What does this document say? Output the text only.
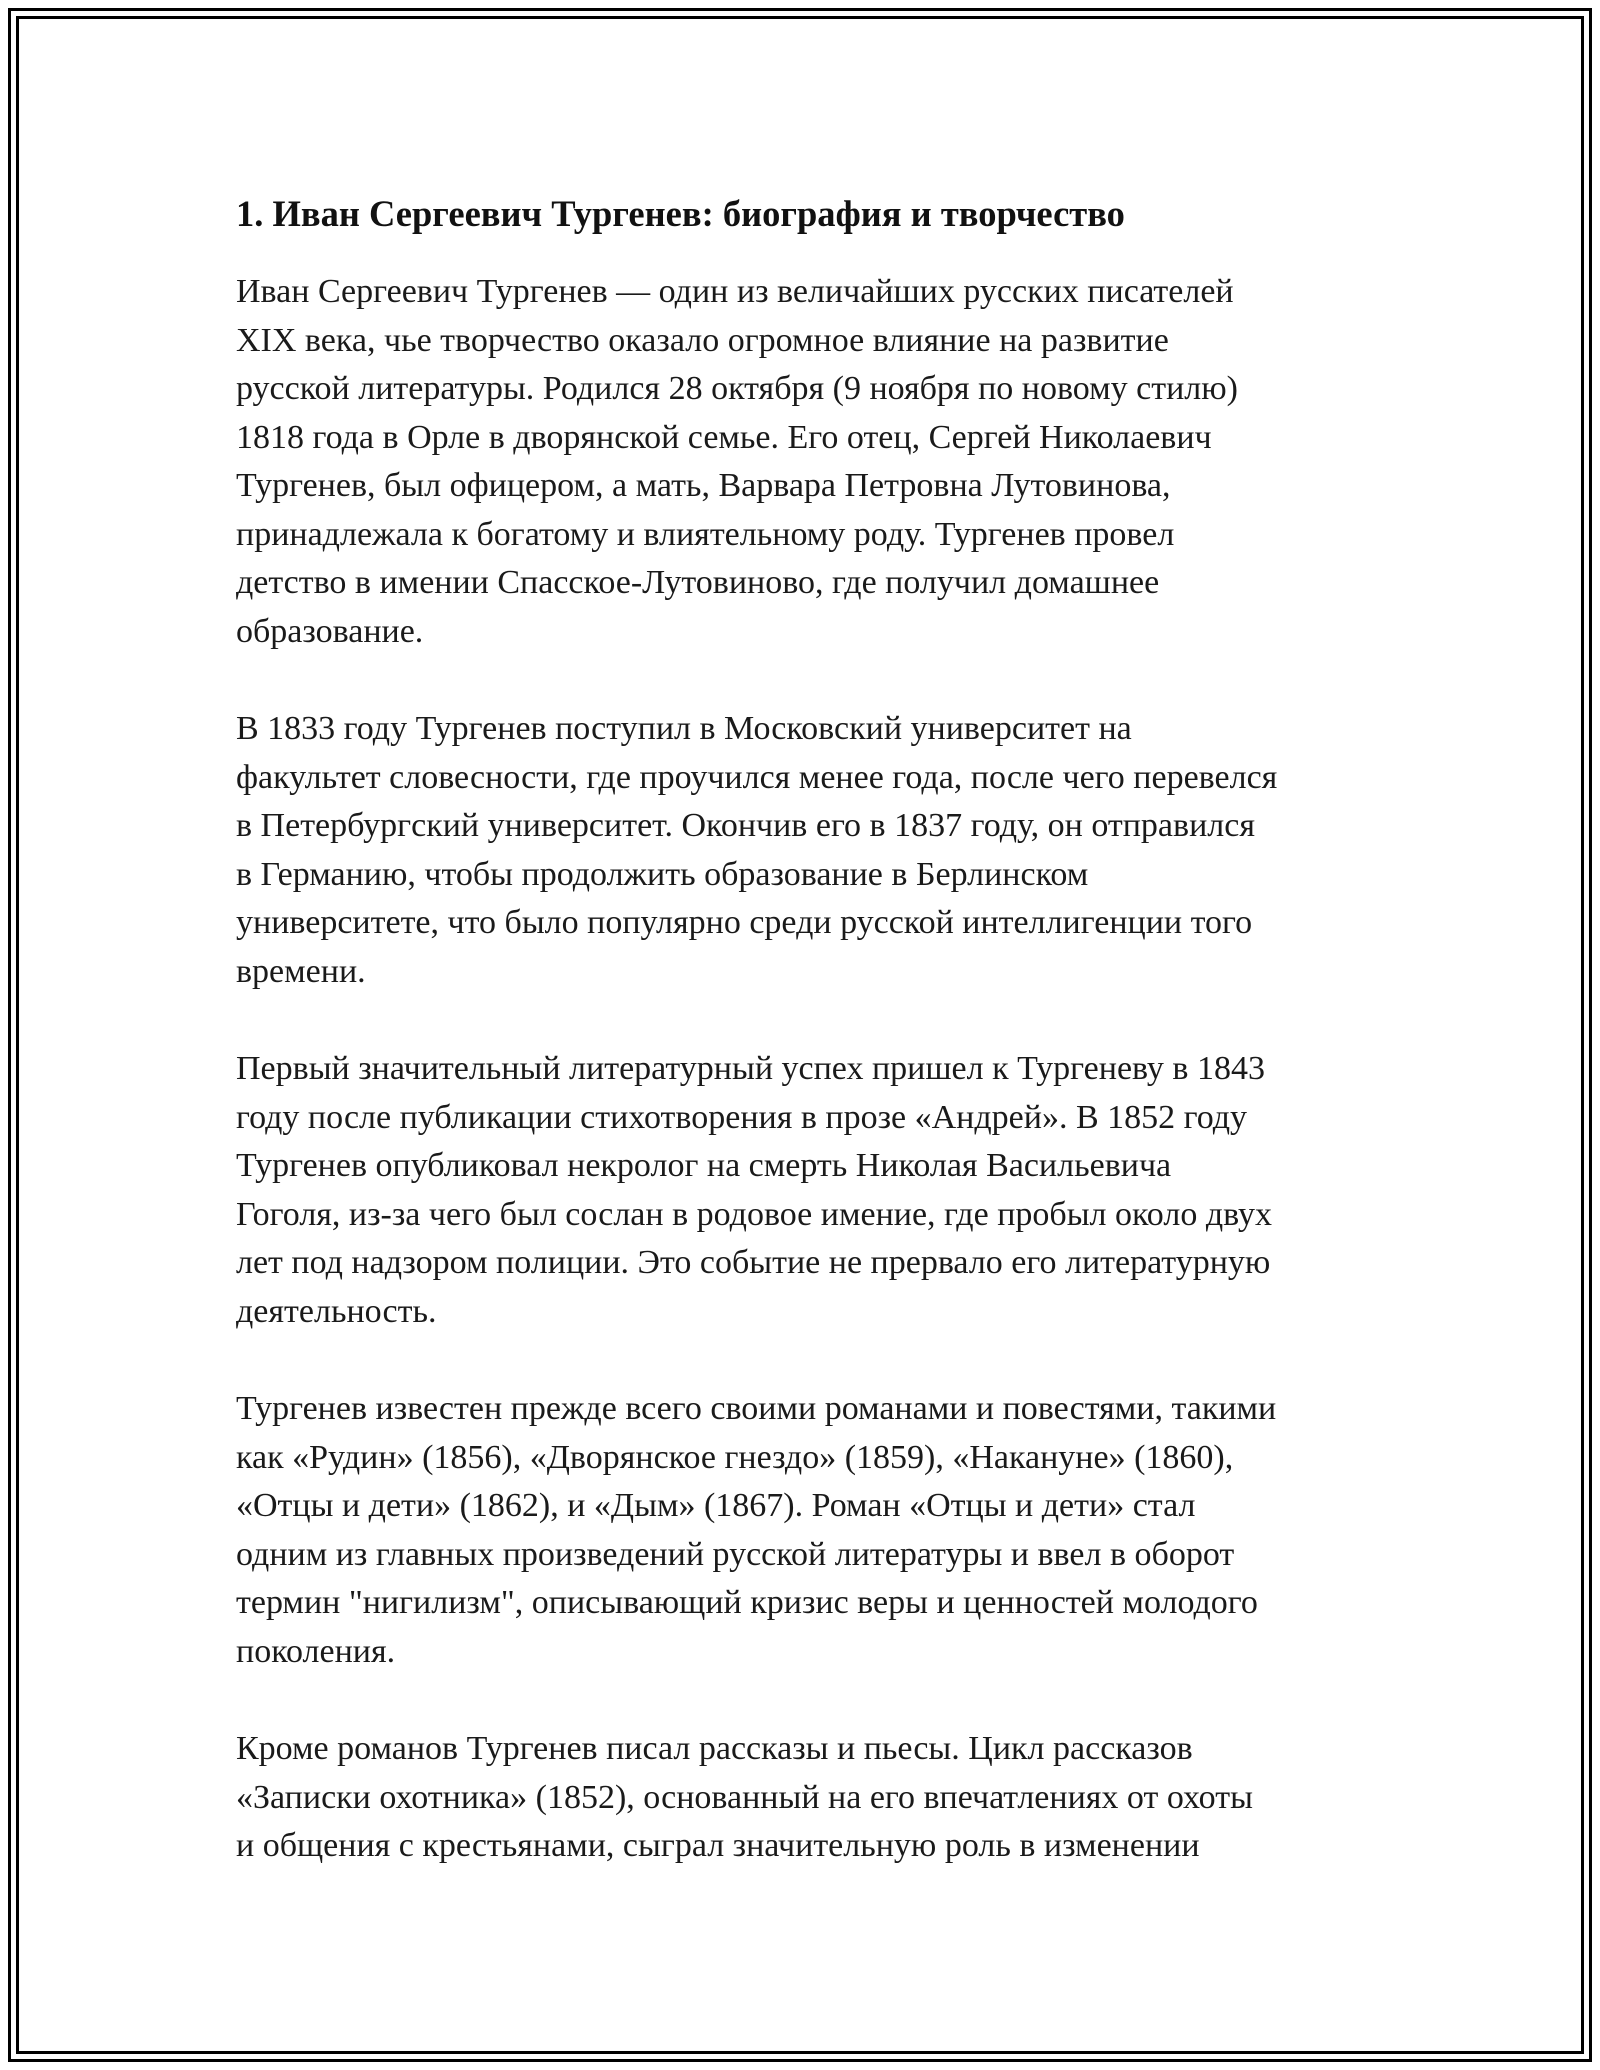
1. Иван Сергеевич Тургенев: биография и творчество

Иван Сергеевич Тургенев — один из величайших русских писателей
XIX века, чье творчество оказало огромное влияние на развитие
русской литературы. Родился 28 октября (9 ноября по новому стилю)
1818 года в Орле в дворянской семье. Его отец, Сергей Николаевич
Тургенев, был офицером, а мать, Варвара Петровна Лутовинова,
принадлежала к богатому и влиятельному роду. Тургенев провел
детство в имении Спасское-Лутовиново, где получил домашнее
образование.

В 1833 году Тургенев поступил в Московский университет на
факультет словесности, где проучился менее года, после чего перевелся
в Петербургский университет. Окончив его в 1837 году, он отправился
в Германию, чтобы продолжить образование в Берлинском
университете, что было популярно среди русской интеллигенции того
времени.

Первый значительный литературный успех пришел к Тургеневу в 1843
году после публикации стихотворения в прозе «Андрей». В 1852 году
Тургенев опубликовал некролог на смерть Николая Васильевича
Гоголя, из-за чего был сослан в родовое имение, где пробыл около двух
лет под надзором полиции. Это событие не прервало его литературную
деятельность.

Тургенев известен прежде всего своими романами и повестями, такими
как «Рудин» (1856), «Дворянское гнездо» (1859), «Накануне» (1860),
«Отцы и дети» (1862), и «Дым» (1867). Роман «Отцы и дети» стал
одним из главных произведений русской литературы и ввел в оборот
термин "нигилизм", описывающий кризис веры и ценностей молодого
поколения.

Кроме романов Тургенев писал рассказы и пьесы. Цикл рассказов
«Записки охотника» (1852), основанный на его впечатлениях от охоты
и общения с крестьянами, сыграл значительную роль в изменении
